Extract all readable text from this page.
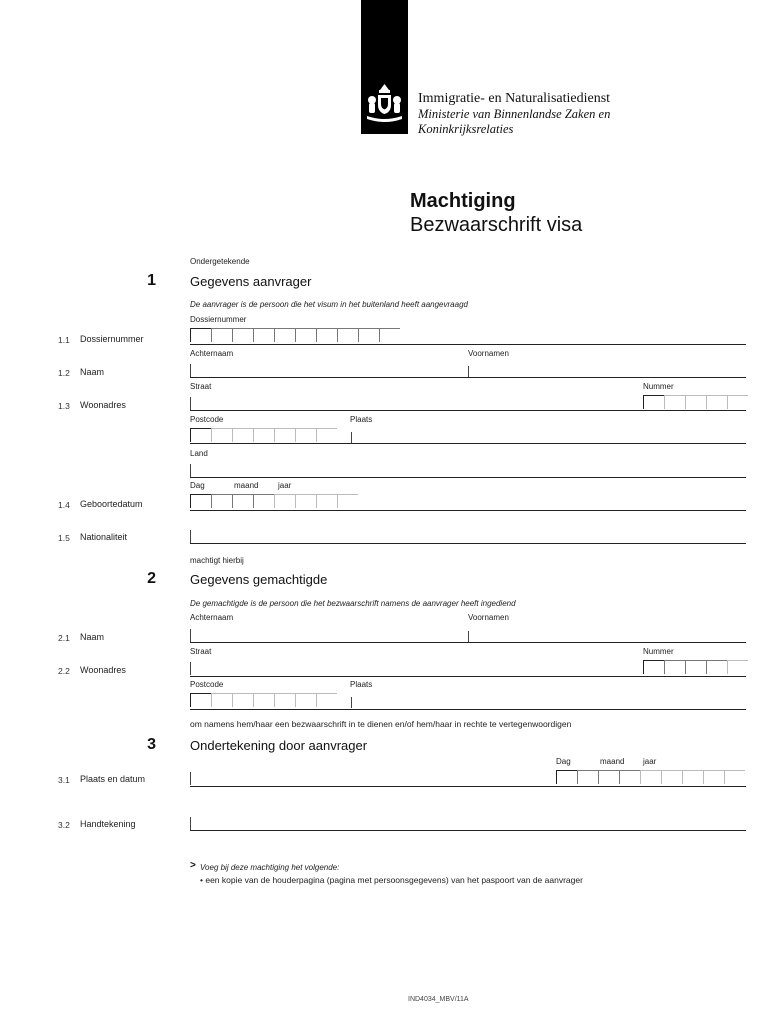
Immigratie- en Naturalisatiedienst
Ministerie van Binnenlandse Zaken en
Koninkrijksrelaties
Machtiging
Bezwaarschrift visa
Ondergetekende
1	Gegevens aanvrager
De aanvrager is de persoon die het visum in het buitenland heeft aangevraagd
Dossiernummer
1.1 Dossiernummer
Achternaam	Voornamen
1.2 Naam
Straat	Nummer
1.3 Woonadres
Postcode	Plaats
Land
Dag	maand jaar
1.4 Geboortedatum
1.5 Nationaliteit
machtigt hierbij
2	Gegevens gemachtigde
De gemachtigde is de persoon die het bezwaarschrift namens de aanvrager heeft ingediend
Achternaam	Voornamen
2.1 Naam
Straat	Nummer
2.2 Woonadres
Postcode	Plaats
om namens hem/haar een bezwaarschrift in te dienen en/of hem/haar in rechte te vertegenwoordigen
3	Ondertekening door aanvrager
Dag	maand jaar
3.1 Plaats en datum
3.2 Handtekening
> Voeg bij deze machtiging het volgende:
• een kopie van de houderpagina (pagina met persoonsgegevens) van het paspoort van de aanvrager
IND4034_MBV/11A
